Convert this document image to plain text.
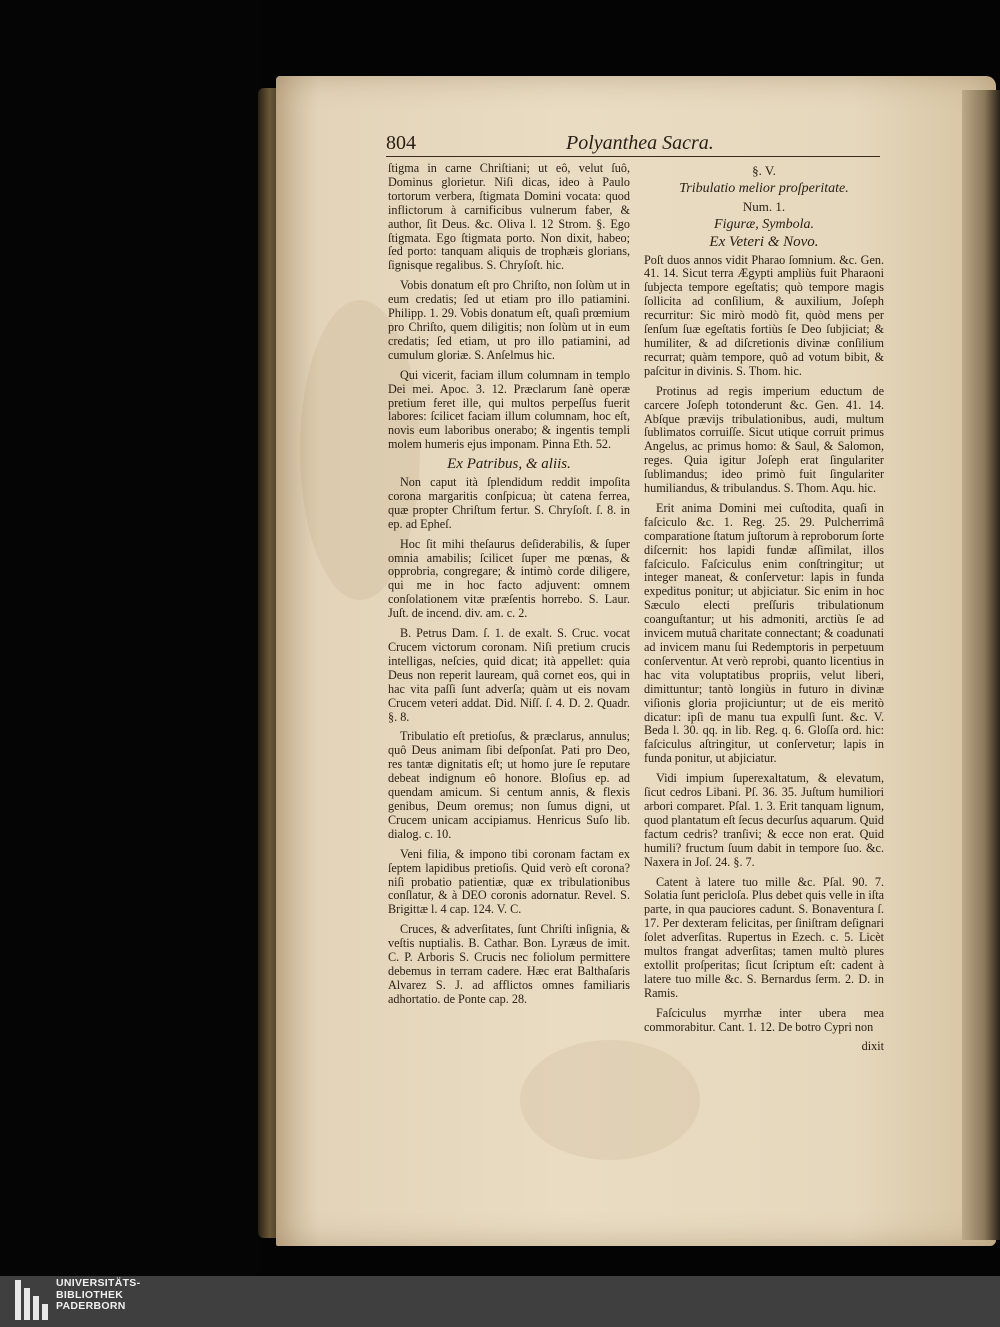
804	Polyanthea Sacra.

ſtigma in carne Chriſtiani; ut eô, velut ſuô, Dominus glorietur. Niſi dicas, ideo à Paulo tortorum verbera, ſtigmata Domini vocata: quod inflictorum à carnificibus vulnerum faber, & author, ſit Deus. &c. Oliva l. 12 Strom. §. Ego ſtigmata. Ego ſtigmata porto. Non dixit, habeo; ſed porto: tanquam aliquis de trophæis glorians, ſignisque regalibus. S. Chryſoſt. hic.

Vobis donatum eſt pro Chriſto, non ſolùm ut in eum credatis; ſed ut etiam pro illo patiamini. Philipp. 1. 29. Vobis donatum eſt, quaſi prœmium pro Chriſto, quem diligitis; non ſolùm ut in eum credatis; ſed etiam, ut pro illo patiamini, ad cumulum gloriæ. S. Anſelmus hic.

Qui vicerit, faciam illum columnam in templo Dei mei. Apoc. 3. 12. Præclarum ſanè operæ pretium feret ille, qui multos perpeſſus fuerit labores: ſcilicet faciam illum columnam, hoc eſt, novis eum laboribus onerabo; & ingentis templi molem humeris ejus imponam. Pinna Eth. 52.

Ex Patribus, & aliis.

Non caput ità ſplendidum reddit impoſita corona margaritis conſpicua; ùt catena ferrea, quæ propter Chriſtum fertur. S. Chryſoſt. ſ. 8. in ep. ad Epheſ.

Hoc ſit mihi theſaurus deſiderabilis, & ſuper omnia amabilis; ſcilicet ſuper me pœnas, & opprobria, congregare; & intimò corde diligere, qui me in hoc facto adjuvent: omnem conſolationem vitæ præſentis horrebo. S. Laur. Juſt. de incend. div. am. c. 2.

B. Petrus Dam. ſ. 1. de exalt. S. Cruc. vocat Crucem victorum coronam. Niſi pretium crucis intelligas, neſcies, quid dicat; ità appellet: quia Deus non reperit lauream, quâ cornet eos, qui in hac vita paſſi ſunt adverſa; quàm ut eis novam Crucem veteri addat. Did. Niſſ. ſ. 4. D. 2. Quadr. §. 8.

Tribulatio eſt pretioſus, & præclarus, annulus; quô Deus animam ſibi deſponſat. Pati pro Deo, res tantæ dignitatis eſt; ut homo jure ſe reputare debeat indignum eô honore. Bloſius ep. ad quendam amicum. Si centum annis, & flexis genibus, Deum oremus; non ſumus digni, ut Crucem unicam accipiamus. Henricus Suſo lib. dialog. c. 10.

Veni filia, & impono tibi coronam factam ex ſeptem lapidibus pretioſis. Quid verò eſt corona? niſi probatio patientiæ, quæ ex tribulationibus conſlatur, & à DEO coronis adornatur. Revel. S. Brigittæ l. 4 cap. 124. V. C.

Cruces, & adverſitates, ſunt Chriſti inſignia, & veſtis nuptialis. B. Cathar. Bon. Lyræus de imit. C. P. Arboris S. Crucis nec foliolum permittere debemus in terram cadere. Hæc erat Balthaſaris Alvarez S. J. ad afflictos omnes familiaris adhortatio. de Ponte cap. 28.

§. V.

Tribulatio melior proſperitate.

Num. 1.

Figuræ, Symbola.

Ex Veteri & Novo.

Poſt duos annos vidit Pharao ſomnium. &c. Gen. 41. 14. Sicut terra Ægypti ampliùs fuit Pharaoni ſubjecta tempore egeſtatis; quò tempore magis ſollicita ad conſilium, & auxilium, Joſeph recurritur: Sic mirò modò fit, quòd mens per ſenſum ſuæ egeſtatis fortiùs ſe Deo ſubjiciat; & humiliter, & ad diſcretionis divinæ conſilium recurrat; quàm tempore, quô ad votum bibit, & paſcitur in divinis. S. Thom. hic.

Protinus ad regis imperium eductum de carcere Joſeph totonderunt &c. Gen. 41. 14. Abſque prævijs tribulationibus, audi, multum ſublimatos corruiſſe. Sicut utique corruit primus Angelus, ac primus homo: & Saul, & Salomon, reges. Quia igitur Joſeph erat ſingulariter ſublimandus; ideo primò fuit ſingulariter humiliandus, & tribulandus. S. Thom. Aqu. hic.

Erit anima Domini mei cuſtodita, quaſi in faſciculo &c. 1. Reg. 25. 29. Pulcherrimâ comparatione ſtatum juſtorum à reproborum ſorte diſcernit: hos lapidi fundæ aſſimilat, illos faſciculo. Faſciculus enim conſtringitur; ut integer maneat, & conſervetur: lapis in funda expeditus ponitur; ut abjiciatur. Sic enim in hoc Sæculo electi preſſuris tribulationum coanguſtantur; ut his admoniti, arctiùs ſe ad invicem mutuâ charitate connectant; & coadunati ad invicem manu ſui Redemptoris in perpetuum conſerventur. At verò reprobi, quanto licentius in hac vita voluptatibus propriis, velut liberi, dimittuntur; tantò longiùs in futuro in divinæ viſionis gloria projiciuntur; ut de eis meritò dicatur: ipſi de manu tua expulſi ſunt. &c. V. Beda l. 30. qq. in lib. Reg. q. 6. Gloſſa ord. hic: faſciculus aſtringitur, ut conſervetur; lapis in funda ponitur, ut abjiciatur.

Vidi impium ſuperexaltatum, & elevatum, ſicut cedros Libani. Pſ. 36. 35. Juſtum humiliori arbori comparet. Pſal. 1. 3. Erit tanquam lignum, quod plantatum eſt ſecus decurſus aquarum. Quid factum cedris? tranſivi; & ecce non erat. Quid humili? fructum ſuum dabit in tempore ſuo. &c. Naxera in Joſ. 24. §. 7.

Catent à latere tuo mille &c. Pſal. 90. 7. Solatia ſunt pericloſa. Plus debet quis velle in iſta parte, in qua pauciores cadunt. S. Bonaventura ſ. 17. Per dexteram felicitas, per ſiniſtram deſignari ſolet adverſitas. Rupertus in Ezech. c. 5. Licèt multos frangat adverſitas; tamen multò plures extollit proſperitas; ſicut ſcriptum eſt: cadent à latere tuo mille &c. S. Bernardus ſerm. 2. D. in Ramis.

Faſciculus myrrhæ inter ubera mea commorabitur. Cant. 1. 12. De botro Cypri non

dixit

UNIVERSITÄTS-
BIBLIOTHEK
PADERBORN
